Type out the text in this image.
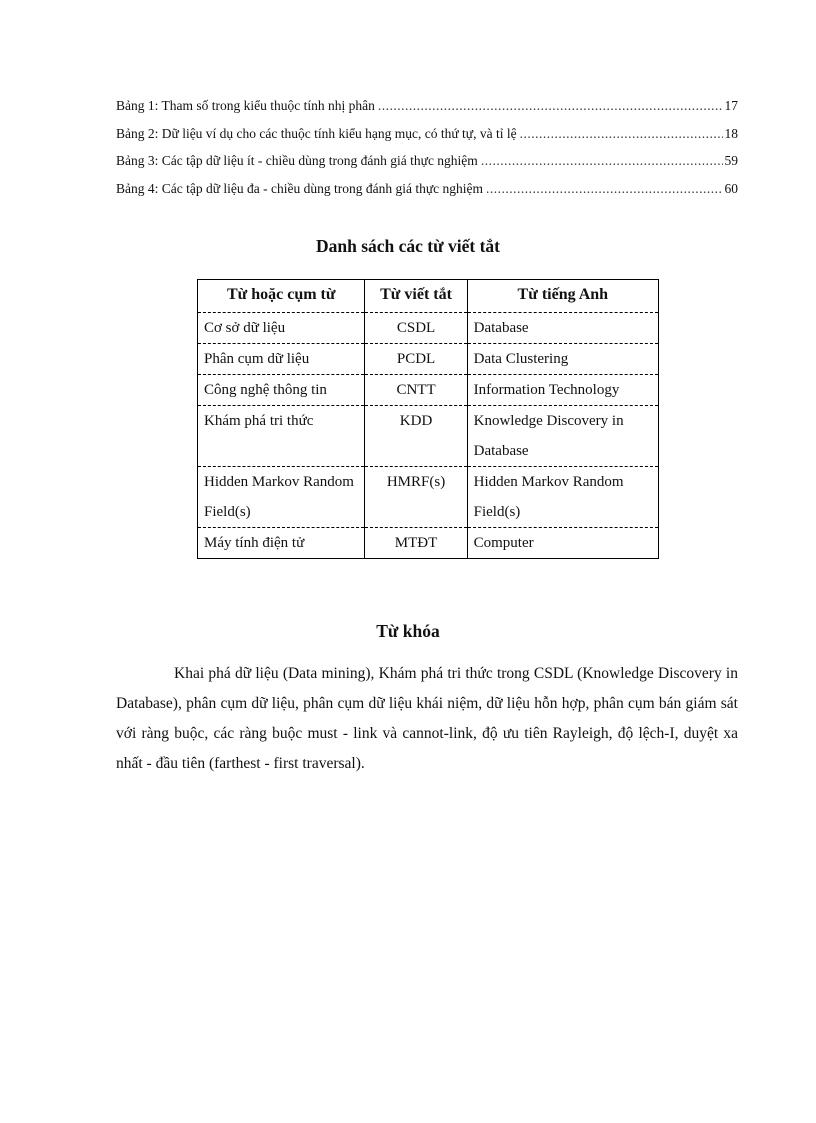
Bảng 1: Tham số trong kiểu thuộc tính nhị phân .....	17
Bảng 2: Dữ liệu ví dụ cho các thuộc tính kiểu hạng mục, có thứ tự, và tỉ lệ .....	18
Bảng 3: Các tập dữ liệu ít - chiều dùng trong đánh giá thực nghiệm .....	59
Bảng 4: Các tập dữ liệu đa - chiều dùng trong đánh giá thực nghiệm .....	60
Danh sách các từ viết tắt
Từ hoặc cụm từ	Từ viết tắt	Từ tiếng Anh
Cơ sở dữ liệu	CSDL	Database
Phân cụm dữ liệu	PCDL	Data Clustering
Công nghệ thông tin	CNTT	Information Technology
Khám phá tri thức	KDD	Knowledge Discovery in Database
Hidden Markov Random Field(s)	HMRF(s)	Hidden Markov Random Field(s)
Máy tính điện tử	MTĐT	Computer
Từ khóa

Khai phá dữ liệu (Data mining), Khám phá tri thức trong CSDL (Knowledge Discovery in Database), phân cụm dữ liệu, phân cụm dữ liệu khái niệm, dữ liệu hỗn hợp, phân cụm bán giám sát với ràng buộc, các ràng buộc must - link và cannot-link, độ ưu tiên Rayleigh, độ lệch-I, duyệt xa nhất - đầu tiên (farthest - first traversal).
